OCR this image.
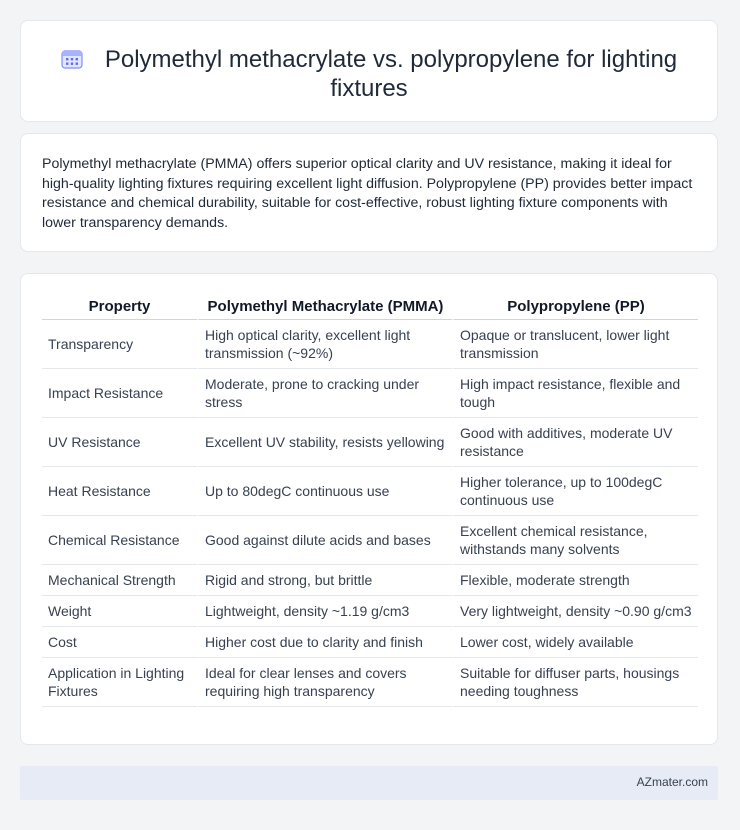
Polymethyl methacrylate vs. polypropylene for lighting fixtures

Polymethyl methacrylate (PMMA) offers superior optical clarity and UV resistance, making it ideal for high-quality lighting fixtures requiring excellent light diffusion. Polypropylene (PP) provides better impact resistance and chemical durability, suitable for cost-effective, robust lighting fixture components with lower transparency demands.

Property	Polymethyl Methacrylate (PMMA)	Polypropylene (PP)
Transparency	High optical clarity, excellent light transmission (~92%)	Opaque or translucent, lower light transmission
Impact Resistance	Moderate, prone to cracking under stress	High impact resistance, flexible and tough
UV Resistance	Excellent UV stability, resists yellowing	Good with additives, moderate UV resistance
Heat Resistance	Up to 80degC continuous use	Higher tolerance, up to 100degC continuous use
Chemical Resistance	Good against dilute acids and bases	Excellent chemical resistance, withstands many solvents
Mechanical Strength	Rigid and strong, but brittle	Flexible, moderate strength
Weight	Lightweight, density ~1.19 g/cm3	Very lightweight, density ~0.90 g/cm3
Cost	Higher cost due to clarity and finish	Lower cost, widely available
Application in Lighting Fixtures	Ideal for clear lenses and covers requiring high transparency	Suitable for diffuser parts, housings needing toughness
AZmater.com
